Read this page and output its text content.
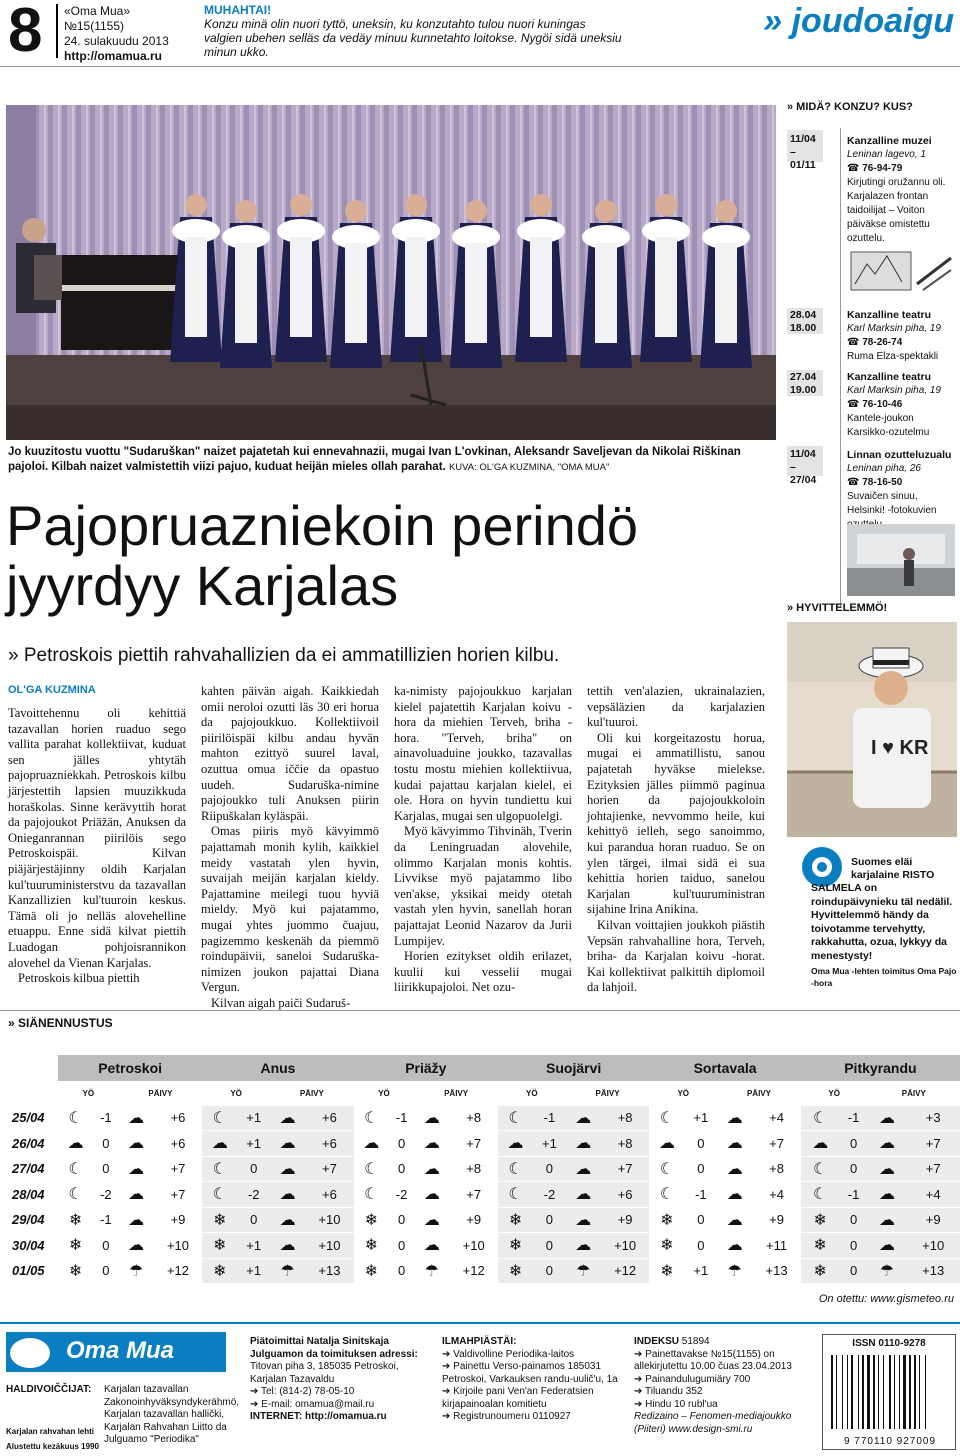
8 «Oma Mua»
№15(1155)
24. sulakuudu 2013
http://omamua.ru
MUHAHTAI!
Konzu minä olin nuori tyttö, uneksin, ku konzutahto tulou nuori kuningas valgien ubehen selläs da vedäy minuu kunnetahto loitokse. Nygöi sidä uneksiu minun ukko.
» joudoaigu
Jo kuuzitostu vuottu "Sudaruškan" naizet pajatetah kui ennevahnazii, mugai Ivan L'ovkinan, Aleksandr Saveljevan da Nikolai Riškinan pajoloi. Kilbah naizet valmistettih viizi pajuo, kuduat heijän mieles ollah parahat. KUVA: OL'GA KUZMINA, "OMA MUA"
Pajopruazniekoin perindö
jyyrdyy Karjalas
» Petroskois piettih rahvahallizien da ei ammatillizien horien kilbu.
OL'GA KUZMINA

Tavoittehennu oli kehittiä tazavallan horien ruaduo sego vallita parahat kollektiivat, kuduat sen jälles yhtytäh pajopruazniekkah. Petroskois kilbu järjestettih lapsien muuzikkuda horaškolas. Sinne kerävyttih horat da pajojoukot Priäžän, Anuksen da Onieganrannan piirilöis sego Petroskoispäi. Kilvan piäjärjestäjinny oldih Karjalan kul'tuuruministerstvu da tazavallan Kanzallizien kul'tuuroin keskus. Tämä oli jo nelläs alovehelline etuappu. Enne sidä kilvat piettih Luadogan pohjoisrannikon alovehel da Vienan Karjalas.

Petroskois kilbua piettih

kahten päivän aigah. Kaikkiedah omii neroloi ozutti läs 30 eri horua da pajojoukkuo. Kollektiivoil piirilöispäi kilbu andau hyvän mahton ezittyö suurel laval, ozuttua omua iččie da opastuo uudeh. Sudaruška-nimine pajojoukko tuli Anuksen piirin Riipuškalan kyläspäi.

Omas piiris myö kävyimmö pajattamah monih kylih, kaikkiel meidy vastatah ylen hyvin, suvaijah meijän karjalan kieldy. Pajattamine meilegi tuou hyviä mieldy. Myö kui pajatammo, mugai yhtes juommo čuajuu, pagizemmo keskenäh da piemmö roindupäivii, saneloi Sudaruška-nimizen joukon pajattai Diana Vergun.

Kilvan aigah paiči Sudaruš-

ka-nimisty pajojoukkuo karjalan kielel pajatettih Karjalan koivu -hora da miehien Terveh, briha -hora. "Terveh, briha" on ainavoluaduine joukko, tazavallas tostu mostu miehien kollektiivua, kudai pajattau karjalan kielel, ei ole. Hora on hyvin tundiettu kui Karjalas, mugai sen ulgopuolelgi.

Myö kävyimmo Tihvinäh, Tverin da Leningruadan alovehile, olimmo Karjalan monis kohtis. Livvikse myö pajatammo libo ven'akse, yksikai meidy otetah vastah ylen hyvin, sanellah horan pajattajat Leonid Nazarov da Jurii Lumpijev.

Horien ezitykset oldih erilazet, kuulii kui vesselii mugai liirikkupajoloi. Net ozu-

tettih ven'alazien, ukrainalazien, vepsäläzien da karjalazien kul'tuuroi.

Oli kui korgeitazostu horua, mugai ei ammatillistu, sanou pajatetah hyväkse mielekse. Ezityksien jälles piimmö paginua horien da pajojoukkoloin johtajienke, nevvommo heile, kui kehittyö ielleh, sego sanoimmo, kui parandua horan ruaduo. Se on ylen tärgei, ilmai sidä ei sua kehittia horien taiduo, sanelou Karjalan kul'tuuruministran sijahine Irina Anikina.

Kilvan voittajien joukkoh piästih Vepsän rahvahalline hora, Terveh, briha- da Karjalan koivu -horat. Kai kollektiivat palkittih diplomoil da lahjoil.

» MIDÄ? KONZU? KUS?
11/04 –
01/11
Kanzalline muzei
Leninan lagevo, 1
☎ 76-94-79
Kirjutingi oružannu oli. Karjalazen frontan taidoilijat – Voiton päiväkse omistettu ozuttelu.
28.04
18.00
Kanzalline teatru
Karl Marksin piha, 19
☎ 78-26-74
Ruma Elza-spektakli
27.04
19.00
Kanzalline teatru
Karl Marksin piha, 19
☎ 76-10-46
Kantele-joukon Karsikko-ozutelmu
11/04 –
27/04
Linnan ozutteluzualu
Leninan piha, 26
☎ 78-16-50
Suvaičen sinuu, Helsinki! -fotokuvien
» HYVITTELEMMÖ!
I ♥ KR
Suomes eläi karjalaine RISTO
SALMELA on roindupäivynieku täl nedälil. Hyvittelemmö händy da toivotamme tervehytty, rakkahutta, ozua, lykkyy da menestysty!
Oma Mua -lehten toimitus Oma Pajo -hora
» SIÄNENNUSTUS
	Petroskoi				Anus				Priäžy				Suojärvi				Sortavala				Pitkyrandu			
	YÖ		PÄIVY		YÖ		PÄIVY		YÖ		PÄIVY		YÖ		PÄIVY		YÖ		PÄIVY		YÖ		PÄIVY	
25/04	☾	-1	☁	+6	☾	+1	☁	+6	☾	-1	☁	+8	☾	-1	☁	+8	☾	+1	☁	+4	☾	-1	☁	+3
26/04	☁	0	☁	+6	☁	+1	☁	+6	☁	0	☁	+7	☁	+1	☁	+8	☁	0	☁	+7	☁	0	☁	+7
27/04	☾	0	☁	+7	☾	0	☁	+7	☾	0	☁	+8	☾	0	☁	+7	☾	0	☁	+8	☾	0	☁	+7
28/04	☾	-2	☁	+7	☾	-2	☁	+6	☾	-2	☁	+7	☾	-2	☁	+6	☾	-1	☁	+4	☾	-1	☁	+4
29/04	❄	-1	☁	+9	❄	0	☁	+10	❄	0	☁	+9	❄	0	☁	+9	❄	0	☁	+9	❄	0	☁	+9
30/04	❄	0	☁	+10	❄	+1	☁	+10	❄	0	☁	+10	❄	0	☁	+10	❄	0	☁	+11	❄	0	☁	+10
01/05	❄	0	☂	+12	❄	+1	☂	+13	❄	0	☂	+12	❄	0	☂	+12	❄	+1	☂	+13	❄	0	☂	+13
On otettu: www.gismeteo.ru
Oma Mua
HALDIVOIČČIJAT: Karjalan tazavallan Zakonoinhyväksyndykerähmö, Karjalan tazavallan hallički, Karjalan Rahvahan Liitto da Julguamo "Periodika"
Karjalan rahvahan lehti
Alustettu kezäkuus 1990
Piätoimittai Natalja Sinitskaja
Julguamon da toimituksen adressi:
Titovan piha 3, 185035 Petroskoi, Karjalan Tazavaldu
➔ Tel: (814-2) 78-05-10
➔ E-mail: omamua@mail.ru
INTERNET: http://omamua.ru
ILMAHPIÄSTÄI:
➔ Valdivolline Periodika-laitos
➔ Painettu Verso-painamos 185031 Petroskoi, Varkauksen randu-uulič'u, 1a
➔ Kirjoile pani Ven'an Federatsien kirjapainoalan komitietu
➔ Registrunoumeru 0110927
INDEKSU 51894
➔ Painettavakse №15(1155) on allekirjutettu 10.00 čuas 23.04.2013
➔ Painandulugumiäry 700
➔ Tiluandu 352
➔ Hindu 10 rubl'ua
Redizaino – Fenomen-mediajoukko (Piiteri) www.design-smi.ru
ISSN 0110-9278
9 770110 927009
